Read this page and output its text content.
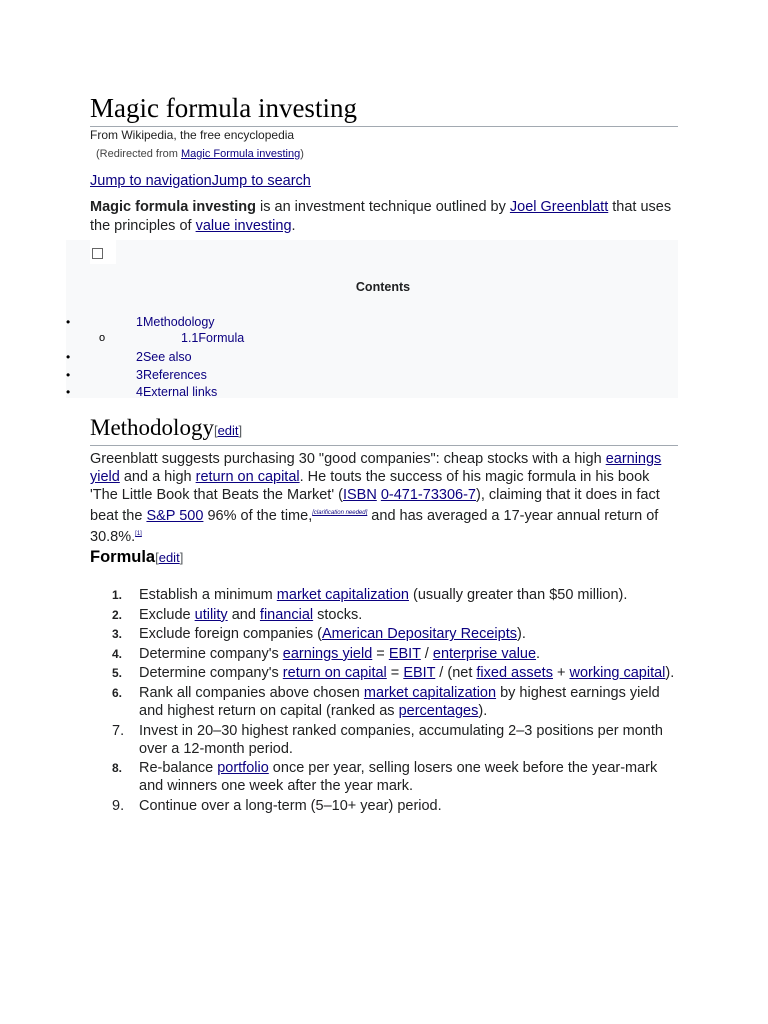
Magic formula investing
From Wikipedia, the free encyclopedia
(Redirected from Magic Formula investing)
Jump to navigationJump to search
Magic formula investing is an investment technique outlined by Joel Greenblatt that uses the principles of value investing.
Contents
•	1Methodology
o	1.1Formula
•	2See also
•	3References
•	4External links
Methodology[edit]
Greenblatt suggests purchasing 30 "good companies": cheap stocks with a high earnings yield and a high return on capital. He touts the success of his magic formula in his book 'The Little Book that Beats the Market' (ISBN 0-471-73306-7), claiming that it does in fact beat the S&P 500 96% of the time,[clarification needed] and has averaged a 17-year annual return of 30.8%.[1]
Formula[edit]
1.	Establish a minimum market capitalization (usually greater than $50 million).
2.	Exclude utility and financial stocks.
3.	Exclude foreign companies (American Depositary Receipts).
4.	Determine company's earnings yield = EBIT / enterprise value.
5.	Determine company's return on capital = EBIT / (net fixed assets + working capital).
6.	Rank all companies above chosen market capitalization by highest earnings yield and highest return on capital (ranked as percentages).
7.	Invest in 20–30 highest ranked companies, accumulating 2–3 positions per month over a 12-month period.
8.	Re-balance portfolio once per year, selling losers one week before the year-mark and winners one week after the year mark.
9.	Continue over a long-term (5–10+ year) period.
